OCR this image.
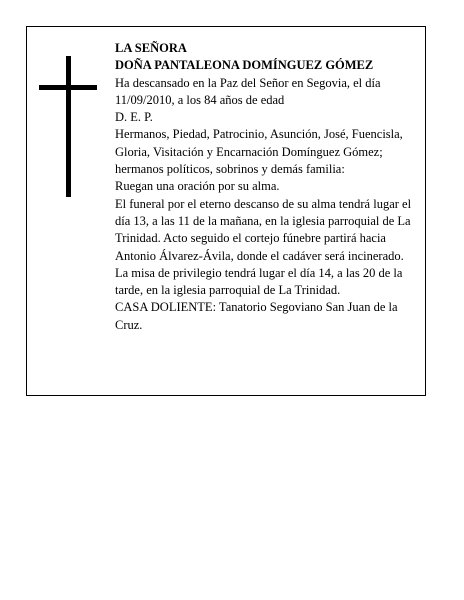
LA SEÑORA

DOÑA PANTALEONA DOMÍNGUEZ GÓMEZ

Ha descansado en la Paz del Señor en Segovia, el día 11/09/2010, a los 84 años de edad

D. E. P.

Hermanos, Piedad, Patrocinio, Asunción, José, Fuencisla, Gloria, Visitación y Encarnación Domínguez Gómez; hermanos políticos, sobrinos y demás familia:

Ruegan una oración por su alma.

El funeral por el eterno descanso de su alma tendrá lugar el día 13, a las 11 de la mañana, en la iglesia parroquial de La Trinidad. Acto seguido el cortejo fúnebre partirá hacia Antonio Álvarez-Ávila, donde el cadáver será incinerado. La misa de privilegio tendrá lugar el día 14, a las 20 de la tarde, en la iglesia parroquial de La Trinidad.

CASA DOLIENTE: Tanatorio Segoviano San Juan de la Cruz.
